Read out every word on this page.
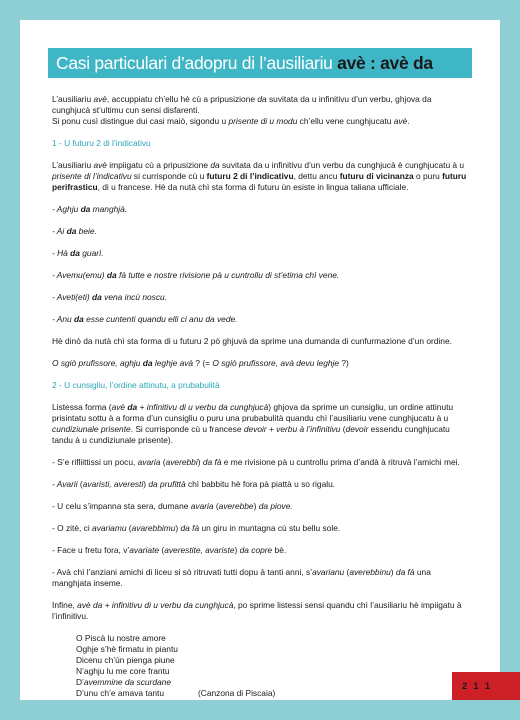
Casi particulari d’adopru di l’ausiliariu avè : avè da

L’ausiliariu avè, accuppiatu ch’ellu hè cù a pripusizione da suvitata da u infinitivu d’un verbu, ghjova da cunghjucà st’ultimu cun sensi disfarenti.
Si ponu cusì distingue dui casi maiò, sigondu u prisente di u modu ch’ellu vene cunghjucatu avè.

1 - U futuru 2 di l’indicativu

L’ausiliariu avè impiigatu cù a pripusizione da suvitata da u infinitivu d’un verbu da cunghjucà è cunghjucatu à u prisente di l’indicativu si currisponde cù u futuru 2 di l’indicativu, dettu ancu futuru di vicinanza o puru futuru perifrasticu, di u francese. Hè da nutà chì sta forma di futuru ùn esiste in lingua taliana ufficiale.

- Aghju da manghjà.

- Ai da beie.

- Hà da guarì.

- Avemu(emu) da fà tutte e nostre rivisione pà u cuntrollu di st’etima chì vene.

- Aveti(eti) da vena incù noscu.

- Anu da esse cuntenti quandu elli ci anu da vede.

Hè dinò da nutà chì sta forma di u futuru 2 pò ghjuvà da sprime una dumanda di cunfurmazione d’un ordine.

O sgiò prufissore, aghju da leghje avà ? (= O sgiò prufissore, avà devu leghje ?)

2 - U cunsigliu, l’ordine attinutu, a prubabulità

Listessa forma (avè da + infinitivu di u verbu da cunghjucà) ghjova da sprime un cunsigliu, un ordine attinutu prisintatu sottu à a forma d’un cunsigliu o puru una prubabulità quandu chì l’ausiliariu vene cunghjucatu à u cundiziunale prisente. Si currisponde cù u francese devoir + verbu à l’infinitivu (devoir essendu cunghjucatu tandu à u cundiziunale prisente).

- S’e rifliittissi un pocu, avaria (averebbi) da fà e me rivisione pà u cuntrollu prima d’andà à ritruvà l’amichi mei.

- Avarii (avaristi, averesti) da prufittà chì babbitu hè fora pà piattà u so rigalu.

- U celu s’impanna sta sera, dumane avaria (averebbe) da piove.

- O zitè, ci avariamu (avarebbimu) da fà un giru in muntagna cù stu bellu sole.

- Face u fretu fora, v’avariate (averestite, avariste) da copre bè.

- Avà chì l’anziani amichi di liceu si sò ritruvati tutti dopu à tanti anni, s’avarianu (averebbinu) da fà una manghjata inseme.

Infine, avè da + infinitivu di u verbu da cunghjucà, po sprime listessi sensi quandu chì l’ausiliariu hè impiigatu à l’infinitivu.

O Piscà lu nostre amore

Oghje s’hè firmatu in piantu

Dicenu ch’ùn pienga piune

N’aghju lu me core frantu

D’avemmine da scurdane

D’unu ch’e amava tantu	(Canzona di Piscaia)

2 1 1
